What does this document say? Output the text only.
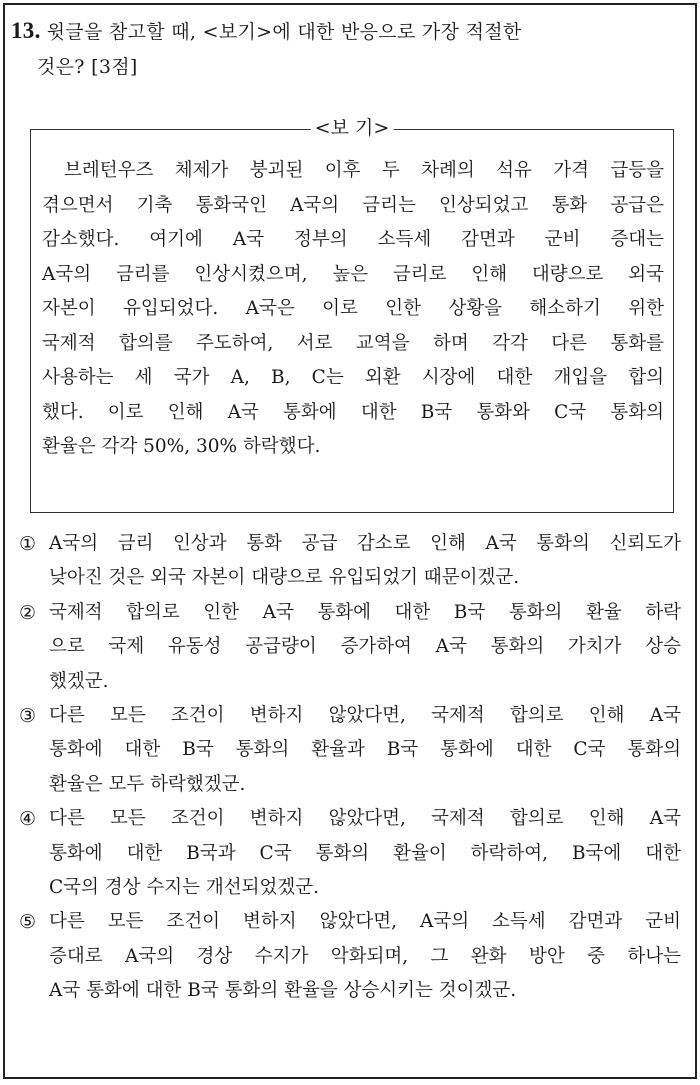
13. 윗글을 참고할 때, <보기>에 대한 반응으로 가장 적절한
것은? [3점]
<보 기>
브레턴우즈 체제가 붕괴된 이후 두 차례의 석유 가격 급등을
겪으면서 기축 통화국인 A국의 금리는 인상되었고 통화 공급은
감소했다. 여기에 A국 정부의 소득세 감면과 군비 증대는
A국의 금리를 인상시켰으며, 높은 금리로 인해 대량으로 외국
자본이 유입되었다. A국은 이로 인한 상황을 해소하기 위한
국제적 합의를 주도하여, 서로 교역을 하며 각각 다른 통화를
사용하는 세 국가 A, B, C는 외환 시장에 대한 개입을 합의
했다. 이로 인해 A국 통화에 대한 B국 통화와 C국 통화의
환율은 각각 50%, 30% 하락했다.
① A국의 금리 인상과 통화 공급 감소로 인해 A국 통화의 신뢰도가
낮아진 것은 외국 자본이 대량으로 유입되었기 때문이겠군.
② 국제적 합의로 인한 A국 통화에 대한 B국 통화의 환율 하락
으로 국제 유동성 공급량이 증가하여 A국 통화의 가치가 상승
했겠군.
③ 다른 모든 조건이 변하지 않았다면, 국제적 합의로 인해 A국
통화에 대한 B국 통화의 환율과 B국 통화에 대한 C국 통화의
환율은 모두 하락했겠군.
④ 다른 모든 조건이 변하지 않았다면, 국제적 합의로 인해 A국
통화에 대한 B국과 C국 통화의 환율이 하락하여, B국에 대한
C국의 경상 수지는 개선되었겠군.
⑤ 다른 모든 조건이 변하지 않았다면, A국의 소득세 감면과 군비
증대로 A국의 경상 수지가 악화되며, 그 완화 방안 중 하나는
A국 통화에 대한 B국 통화의 환율을 상승시키는 것이겠군.
